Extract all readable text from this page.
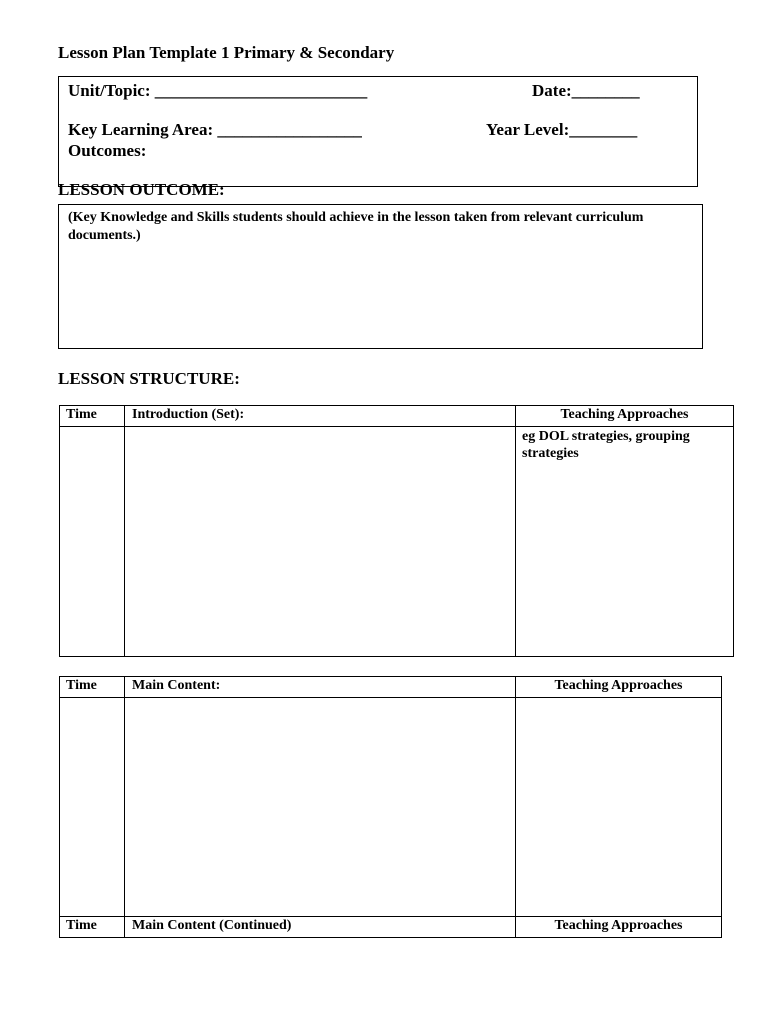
Lesson Plan Template 1 Primary & Secondary
Unit/Topic: _________________________	Date:________
Key Learning Area: _________________	Year Level:________
Outcomes:
LESSON OUTCOME:
(Key Knowledge and Skills students should achieve in the lesson taken from relevant curriculum documents.)
LESSON STRUCTURE:
Time	Introduction (Set):	Teaching Approaches
		eg DOL strategies, grouping strategies
Time	Main Content:	Teaching Approaches

Time	Main Content (Continued)	Teaching Approaches
